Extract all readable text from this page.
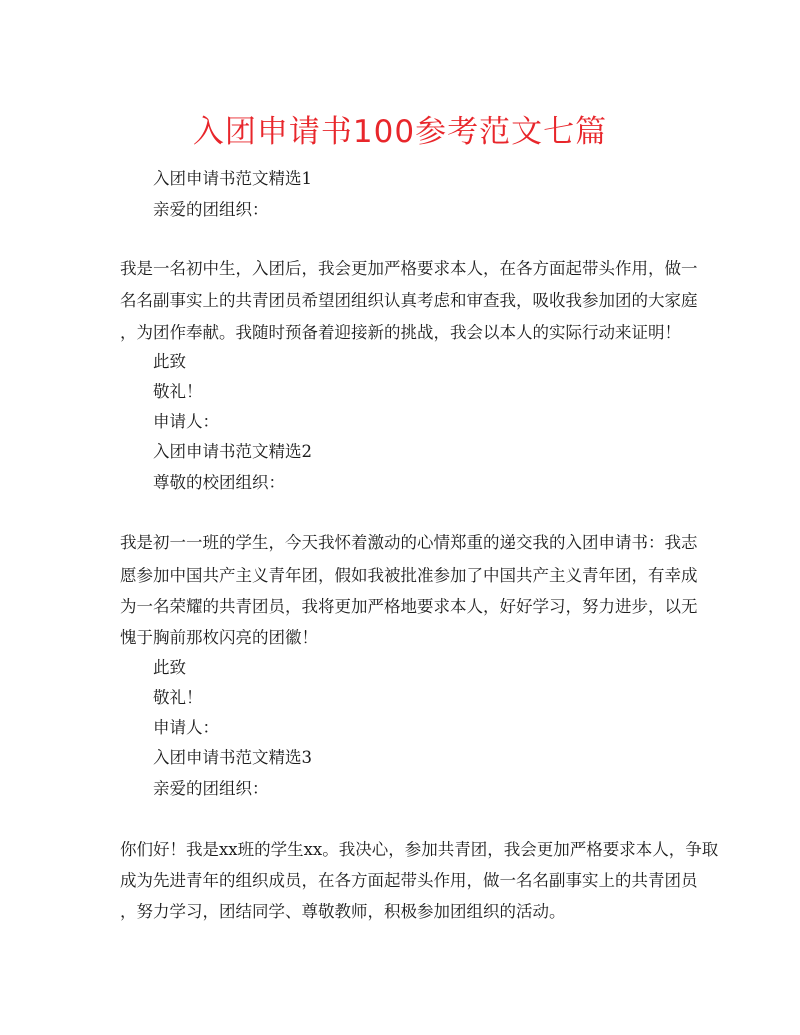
入团申请书100参考范文七篇
入团申请书范文精选1
亲爱的团组织：
我是一名初中生，入团后，我会更加严格要求本人，在各方面起带头作用，做一
名名副事实上的共青团员希望团组织认真考虑和审查我，吸收我参加团的大家庭
，为团作奉献。我随时预备着迎接新的挑战，我会以本人的实际行动来证明！
此致
敬礼！
申请人：
入团申请书范文精选2
尊敬的校团组织：
我是初一一班的学生，今天我怀着激动的心情郑重的递交我的入团申请书：我志
愿参加中国共产主义青年团，假如我被批准参加了中国共产主义青年团，有幸成
为一名荣耀的共青团员，我将更加严格地要求本人，好好学习，努力进步，以无
愧于胸前那枚闪亮的团徽！
此致
敬礼！
申请人：
入团申请书范文精选3
亲爱的团组织：
你们好！我是xx班的学生xx。我决心，参加共青团，我会更加严格要求本人，争取
成为先进青年的组织成员，在各方面起带头作用，做一名名副事实上的共青团员
，努力学习，团结同学、尊敬教师，积极参加团组织的活动。
